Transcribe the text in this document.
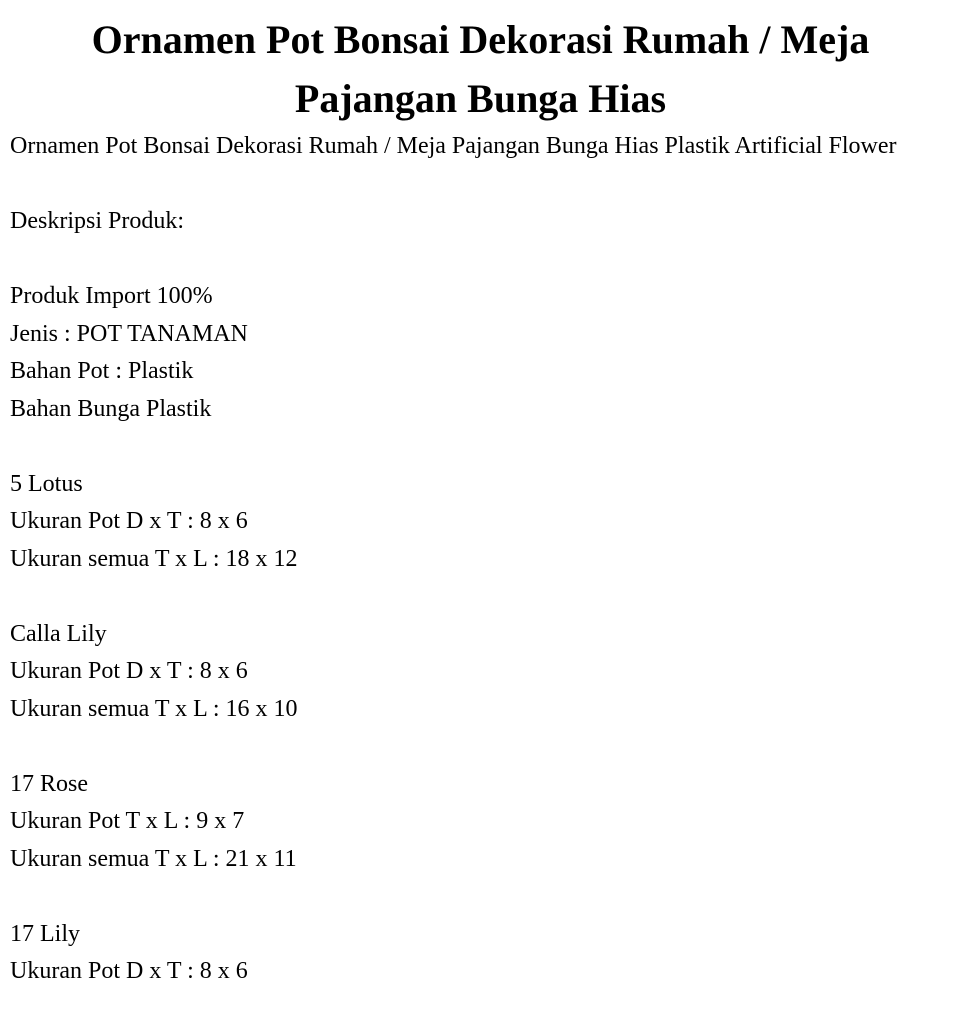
Ornamen Pot Bonsai Dekorasi Rumah / Meja Pajangan Bunga Hias
Ornamen Pot Bonsai Dekorasi Rumah / Meja Pajangan Bunga Hias Plastik Artificial Flower
Deskripsi Produk:
Produk Import 100%
Jenis : POT TANAMAN
Bahan Pot : Plastik
Bahan Bunga Plastik
5 Lotus
Ukuran Pot D x T : 8 x 6
Ukuran semua T x L : 18 x 12
Calla Lily
Ukuran Pot D x T : 8 x 6
Ukuran semua T x L : 16 x 10
17 Rose
Ukuran Pot T x L : 9 x 7
Ukuran semua T x L : 21 x 11
17 Lily
Ukuran Pot D x T : 8 x 6
